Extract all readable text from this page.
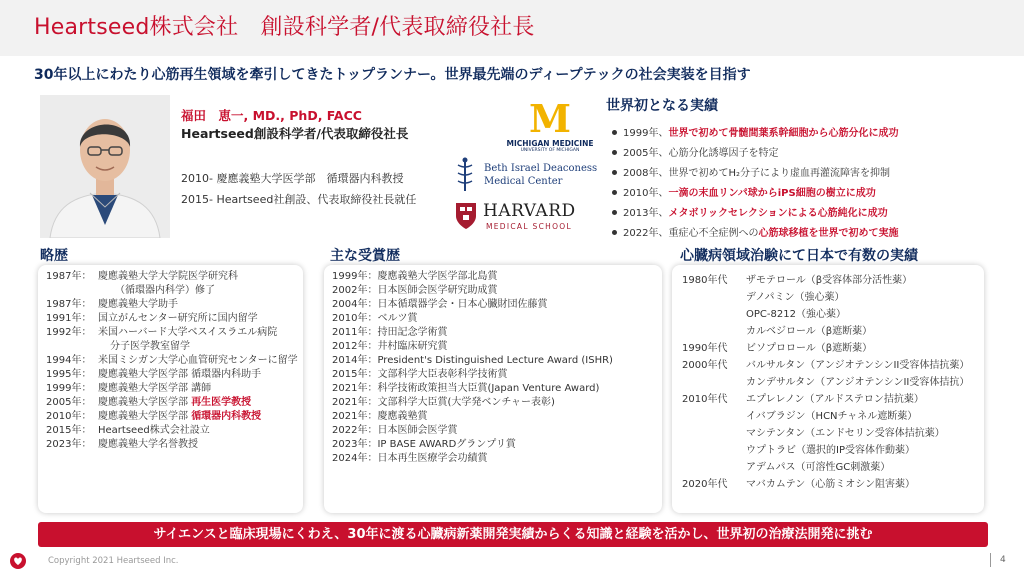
Heartseed株式会社　創設科学者/代表取締役社長
30年以上にわたり心筋再生領域を牽引してきたトップランナー。世界最先端のディープテックの社会実装を目指す
福田　恵一, MD., PhD, FACC
Heartseed創設科学者/代表取締役社長
2010- 慶應義塾大学医学部　循環器内科教授
2015- Heartseed社創設、代表取締役社長就任
M
MICHIGAN MEDICINE
UNIVERSITY OF MICHIGAN
Beth Israel Deaconess
Medical Center
HARVARD
MEDICAL SCHOOL
世界初となる実績
1999年、世界で初めて骨髄間葉系幹細胞から心筋分化に成功
2005年、心筋分化誘導因子を特定
2008年、世界で初めてH₂分子により虚血再灌流障害を抑制
2010年、一滴の末血リンパ球からiPS細胞の樹立に成功
2013年、メタボリックセレクションによる心筋純化に成功
2022年、重症心不全症例への心筋球移植を世界で初めて実施
略歴
1987年： 慶應義塾大学大学院医学研究科
　（循環器内科学）修了
1987年： 慶應義塾大学助手
1991年： 国立がんセンター研究所に国内留学
1992年： 米国ハーバード大学ベスイスラエル病院
分子医学教室留学
1994年： 米国ミシガン大学心血管研究センターに留学
1995年： 慶應義塾大学医学部 循環器内科助手
1999年： 慶應義塾大学医学部 講師
2005年： 慶應義塾大学医学部 再生医学教授
2010年： 慶應義塾大学医学部 循環器内科教授
2015年： Heartseed株式会社設立
2023年： 慶應義塾大学名誉教授
主な受賞歴
1999年：慶應義塾大学医学部北島賞
2002年：日本医師会医学研究助成賞
2004年：日本循環器学会・日本心臓財団佐藤賞
2010年：ベルツ賞
2011年：持田記念学術賞
2012年：井村臨床研究賞
2014年：President's Distinguished Lecture Award (ISHR)
2015年：文部科学大臣表彰科学技術賞
2021年：科学技術政策担当大臣賞(Japan Venture Award)
2021年：文部科学大臣賞(大学発ベンチャー表彰)
2021年：慶應義塾賞
2022年：日本医師会医学賞
2023年：IP BASE AWARDグランプリ賞
2024年：日本再生医療学会功績賞
心臓病領域治験にて日本で有数の実績
1980年代 ザモテロール（β受容体部分活性薬）
デノパミン（強心薬）
OPC-8212（強心薬）
カルベジロール（β遮断薬）
1990年代 ビソプロロール（β遮断薬）
2000年代 バルサルタン（アンジオテンシンII受容体拮抗薬）
カンデサルタン（アンジオテンシンII受容体拮抗）
2010年代 エプレレノン（アルドステロン拮抗薬）
イバブラジン（HCNチャネル遮断薬）
マシテンタン（エンドセリン受容体拮抗薬）
ウプトラビ（選択的IP受容体作動薬）
アデムパス（可溶性GC刺激薬）
2020年代 マバカムテン（心筋ミオシン阻害薬）
サイエンスと臨床現場にくわえ、30年に渡る心臓病新薬開発実績からくる知識と経験を活かし、世界初の治療法開発に挑む
Copyright 2021 Heartseed Inc.	4
